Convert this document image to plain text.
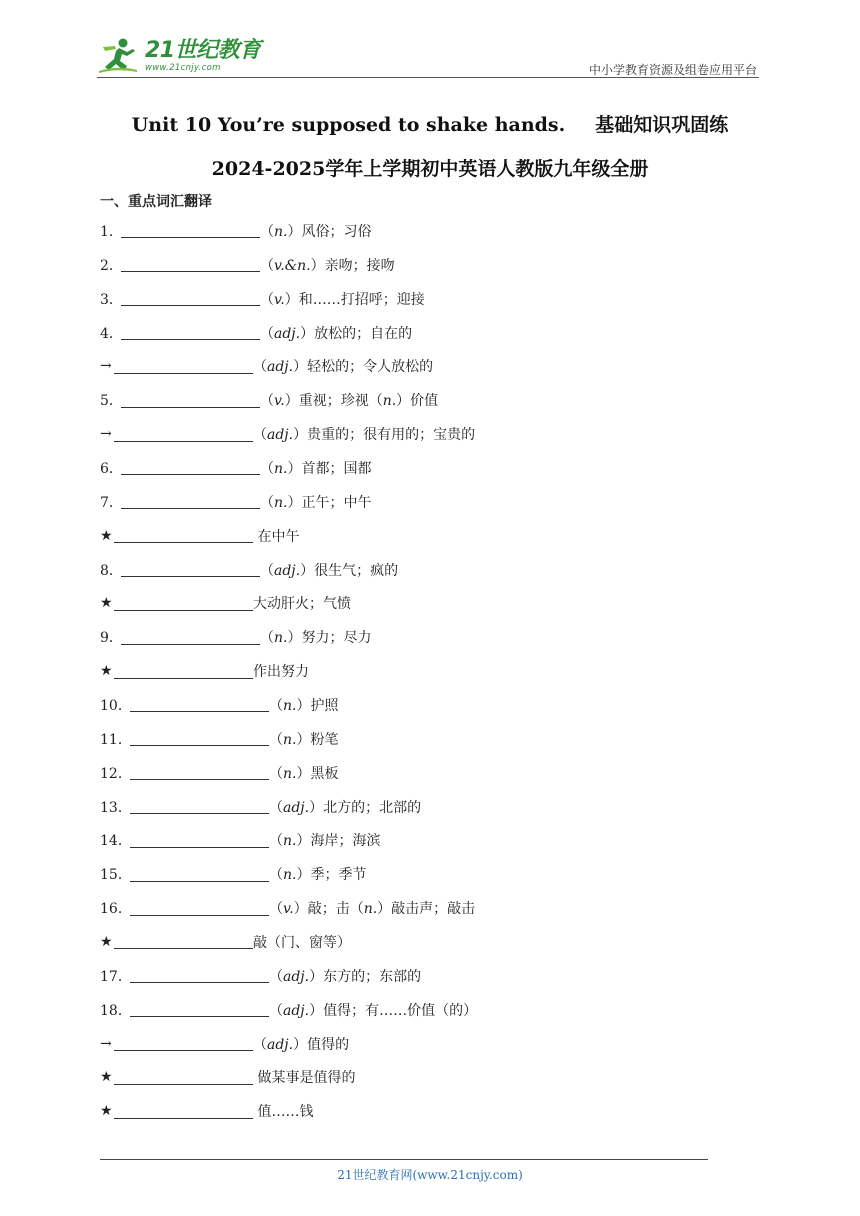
21世纪教育
www.21cnjy.com	中小学教育资源及组卷应用平台
Unit 10 You’re supposed to shake hands. 基础知识巩固练
2024-2025学年上学期初中英语人教版九年级全册
一、重点词汇翻译
1．	（n.）风俗；习俗
2．	（v.&n.）亲吻；接吻
3．	（v.）和……打招呼；迎接
4．	（adj.）放松的；自在的
→	（adj.）轻松的；令人放松的
5．	（v.）重视；珍视（n.）价值
→	（adj.）贵重的；很有用的；宝贵的
6．	（n.）首都；国都
7．	（n.）正午；中午
★	在中午
8．	（adj.）很生气；疯的
★	大动肝火；气愤
9．	（n.）努力；尽力
★	作出努力
10．	（n.）护照
11．	（n.）粉笔
12．	（n.）黑板
13．	（adj.）北方的；北部的
14．	（n.）海岸；海滨
15．	（n.）季；季节
16．	（v.）敲；击（n.）敲击声；敲击
★	敲（门、窗等）
17．	（adj.）东方的；东部的
18．	（adj.）值得；有……价值（的）
→	（adj.）值得的
★	做某事是值得的
★	值……钱
21世纪教育网(www.21cnjy.com)
